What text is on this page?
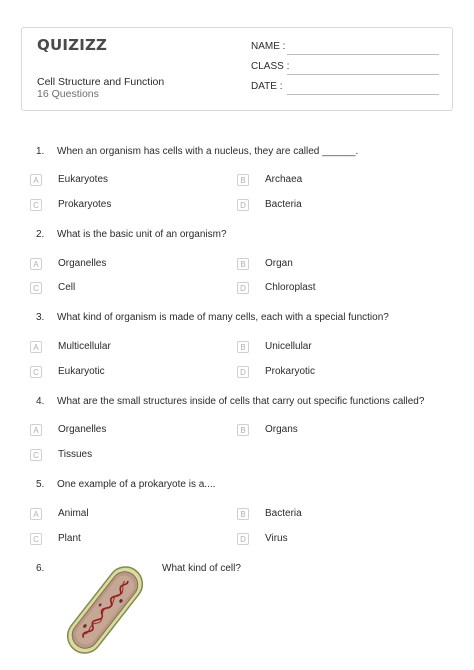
QUIZIZZ
Cell Structure and Function
16 Questions
NAME :
CLASS :
DATE :
1.	When an organism has cells with a nucleus, they are called ______.
A	Eukaryotes	B	Archaea
C	Prokaryotes	D	Bacteria
2.	What is the basic unit of an organism?
A	Organelles	B	Organ
C	Cell	D	Chloroplast
3.	What kind of organism is made of many cells, each with a special function?
A	Multicellular	B	Unicellular
C	Eukaryotic	D	Prokaryotic
4.	What are the small structures inside of cells that carry out specific functions called?
A	Organelles	B	Organs
C	Tissues
5.	One example of a prokaryote is a....
A	Animal	B	Bacteria
C	Plant	D	Virus
6.	What kind of cell?
